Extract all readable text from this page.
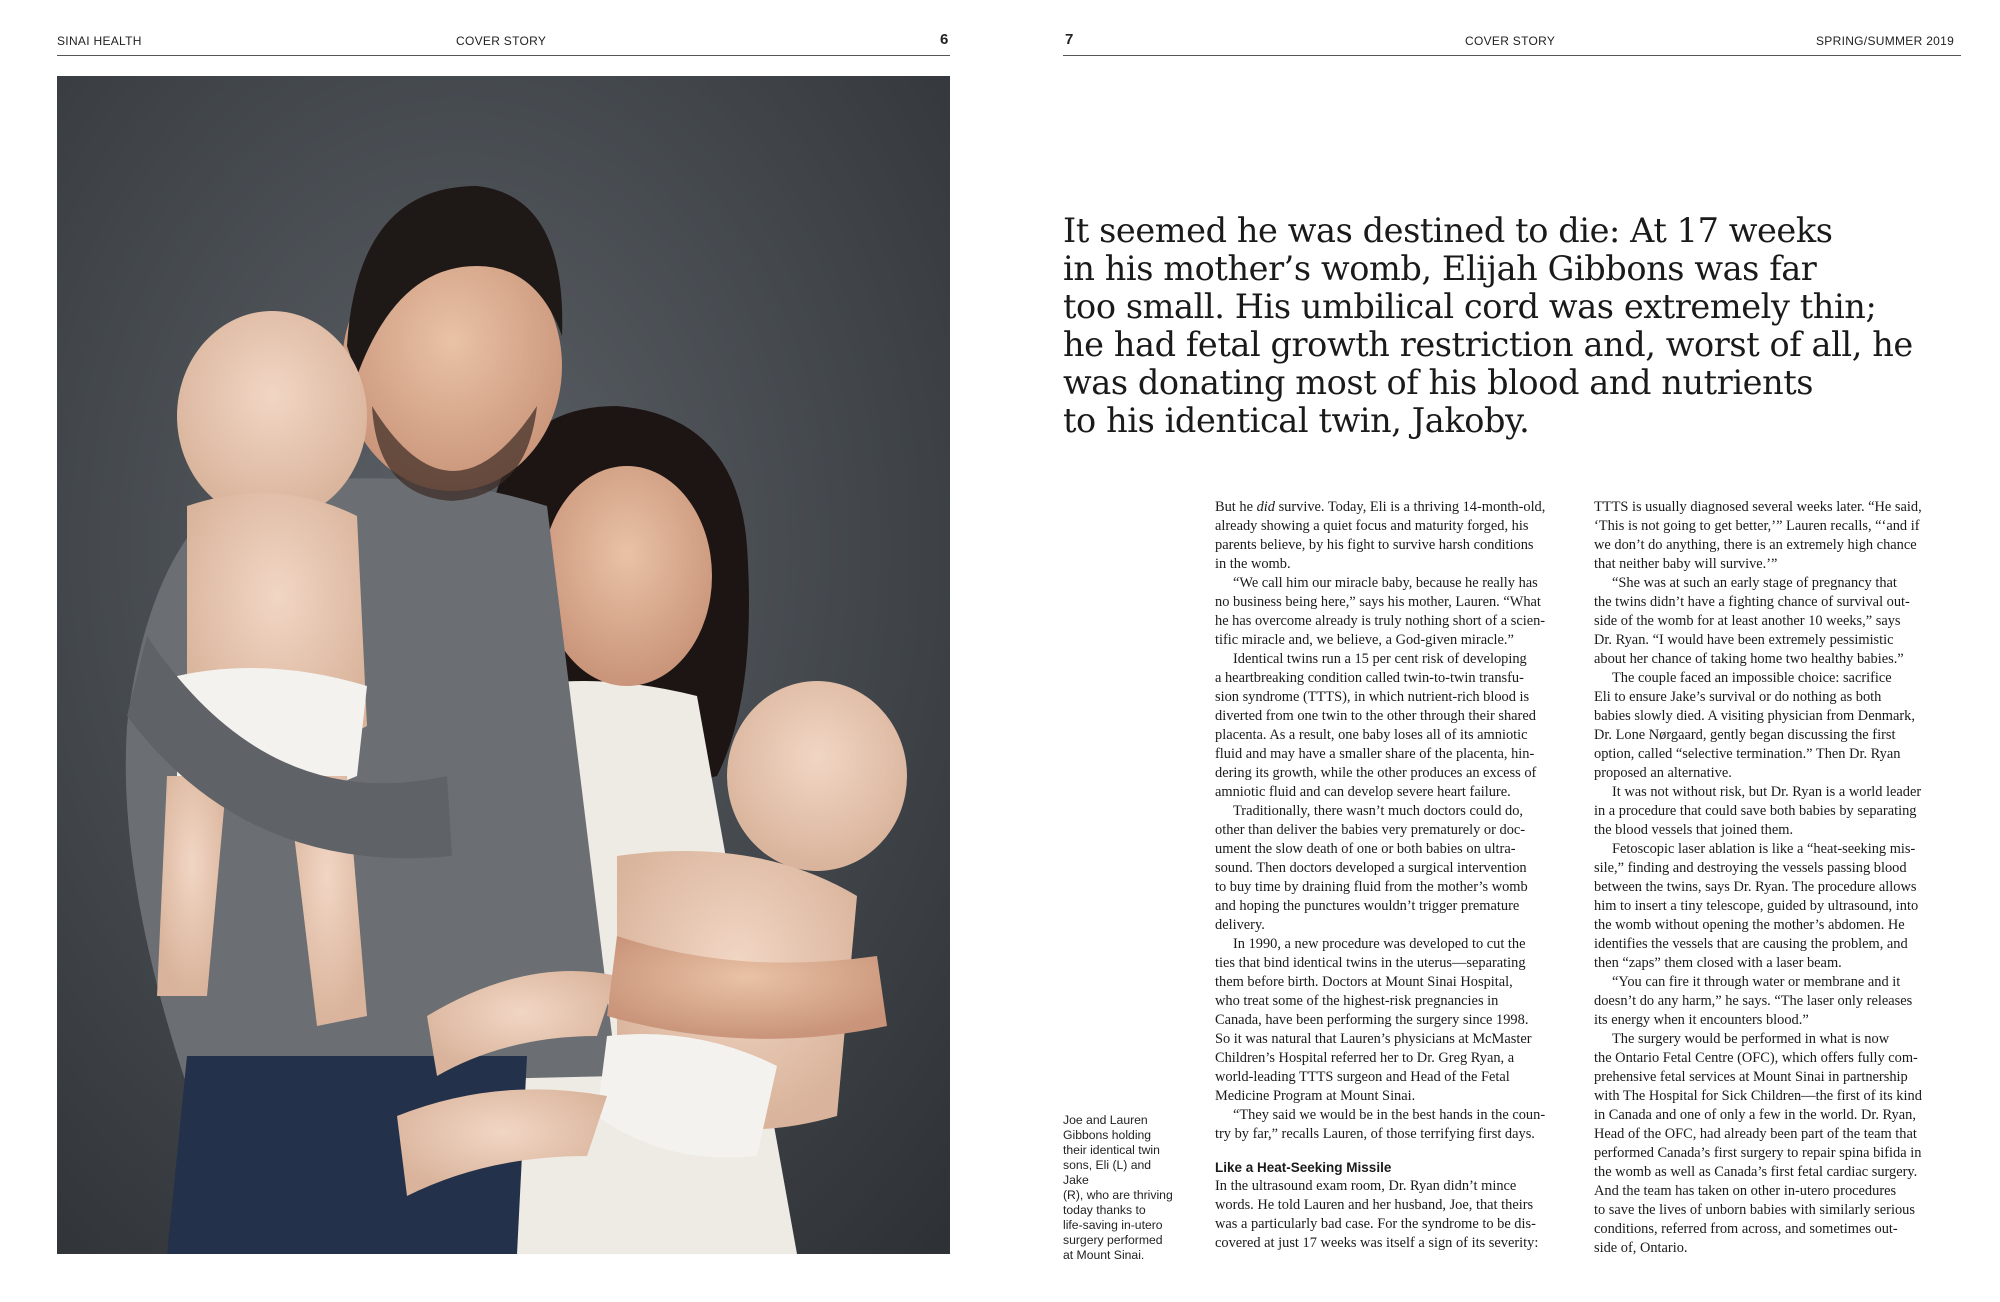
SINAI HEALTH	COVER STORY	6	7	COVER STORY	SPRING/SUMMER 2019
Joe and Lauren
Gibbons holding
their identical twin
sons, Eli (L) and Jake
(R), who are thriving
today thanks to
life-saving in-utero
surgery performed
at Mount Sinai.
It seemed he was destined to die: At 17 weeks
in his mother’s womb, Elijah Gibbons was far
too small. His umbilical cord was extremely thin;
he had fetal growth restriction and, worst of all, he
was donating most of his blood and nutrients
to his identical twin, Jakoby.
But he did survive. Today, Eli is a thriving 14-month-old,
already showing a quiet focus and maturity forged, his
parents believe, by his fight to survive harsh conditions
in the womb.
“We call him our miracle baby, because he really has
no business being here,” says his mother, Lauren. “What
he has overcome already is truly nothing short of a scien-
tific miracle and, we believe, a God-given miracle.”
Identical twins run a 15 per cent risk of developing
a heartbreaking condition called twin-to-twin transfu-
sion syndrome (TTTS), in which nutrient-rich blood is
diverted from one twin to the other through their shared
placenta. As a result, one baby loses all of its amniotic
fluid and may have a smaller share of the placenta, hin-
dering its growth, while the other produces an excess of
amniotic fluid and can develop severe heart failure.
Traditionally, there wasn’t much doctors could do,
other than deliver the babies very prematurely or doc-
ument the slow death of one or both babies on ultra-
sound. Then doctors developed a surgical intervention
to buy time by draining fluid from the mother’s womb
and hoping the punctures wouldn’t trigger premature
delivery.
In 1990, a new procedure was developed to cut the
ties that bind identical twins in the uterus—separating
them before birth. Doctors at Mount Sinai Hospital,
who treat some of the highest-risk pregnancies in
Canada, have been performing the surgery since 1998.
So it was natural that Lauren’s physicians at McMaster
Children’s Hospital referred her to Dr. Greg Ryan, a
world-leading TTTS surgeon and Head of the Fetal
Medicine Program at Mount Sinai.
“They said we would be in the best hands in the coun-
try by far,” recalls Lauren, of those terrifying first days.
Like a Heat-Seeking Missile
In the ultrasound exam room, Dr. Ryan didn’t mince
words. He told Lauren and her husband, Joe, that theirs
was a particularly bad case. For the syndrome to be dis-
covered at just 17 weeks was itself a sign of its severity:
TTTS is usually diagnosed several weeks later. “He said,
‘This is not going to get better,’” Lauren recalls, “‘and if
we don’t do anything, there is an extremely high chance
that neither baby will survive.’”
“She was at such an early stage of pregnancy that
the twins didn’t have a fighting chance of survival out-
side of the womb for at least another 10 weeks,” says
Dr. Ryan. “I would have been extremely pessimistic
about her chance of taking home two healthy babies.”
The couple faced an impossible choice: sacrifice
Eli to ensure Jake’s survival or do nothing as both
babies slowly died. A visiting physician from Denmark,
Dr. Lone Nørgaard, gently began discussing the first
option, called “selective termination.” Then Dr. Ryan
proposed an alternative.
It was not without risk, but Dr. Ryan is a world leader
in a procedure that could save both babies by separating
the blood vessels that joined them.
Fetoscopic laser ablation is like a “heat-seeking mis-
sile,” finding and destroying the vessels passing blood
between the twins, says Dr. Ryan. The procedure allows
him to insert a tiny telescope, guided by ultrasound, into
the womb without opening the mother’s abdomen. He
identifies the vessels that are causing the problem, and
then “zaps” them closed with a laser beam.
“You can fire it through water or membrane and it
doesn’t do any harm,” he says. “The laser only releases
its energy when it encounters blood.”
The surgery would be performed in what is now
the Ontario Fetal Centre (OFC), which offers fully com-
prehensive fetal services at Mount Sinai in partnership
with The Hospital for Sick Children—the first of its kind
in Canada and one of only a few in the world. Dr. Ryan,
Head of the OFC, had already been part of the team that
performed Canada’s first surgery to repair spina bifida in
the womb as well as Canada’s first fetal cardiac surgery.
And the team has taken on other in-utero procedures
to save the lives of unborn babies with similarly serious
conditions, referred from across, and sometimes out-
side of, Ontario.
